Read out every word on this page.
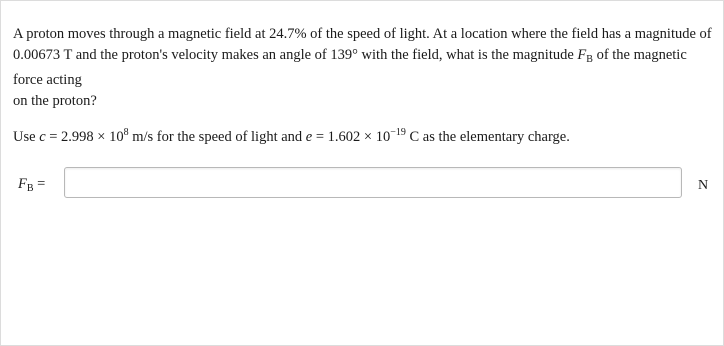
A proton moves through a magnetic field at 24.7% of the speed of light. At a location where the field has a magnitude of
0.00673 T and the proton's velocity makes an angle of 139° with the field, what is the magnitude $F_B$ of the magnetic force acting
on the proton?

Use $c = 2.998 \times 10^8$ m/s for the speed of light and $e = 1.602 \times 10^{-19}$ C as the elementary charge.

$F_B$ =	N
